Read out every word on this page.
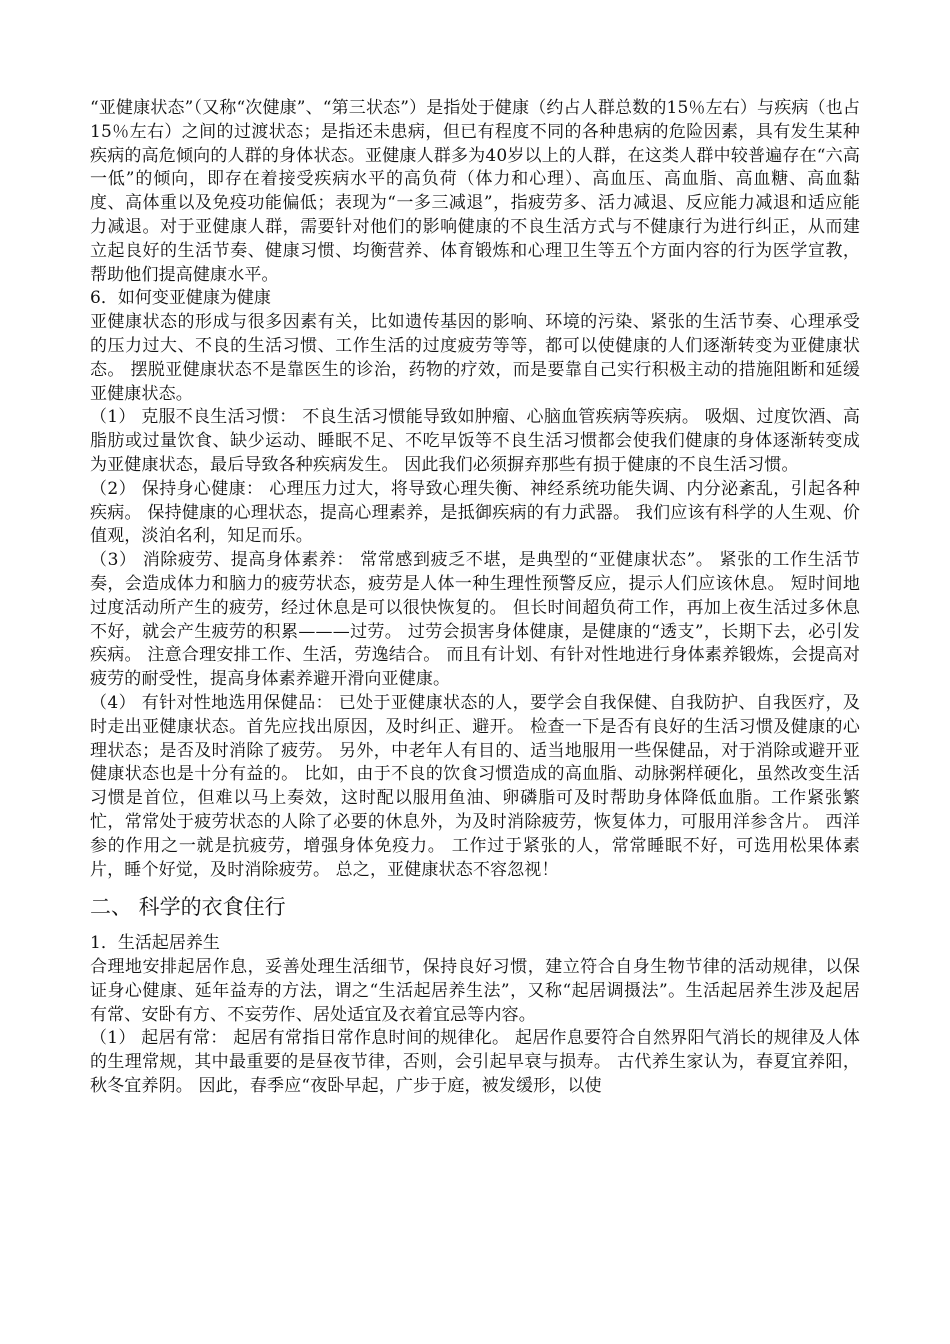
“亚健康状态”（又称“次健康”、“第三状态”）是指处于健康（约占人群总数的15％左右）与疾病（也占15％左右）之间的过渡状态；是指还未患病，但已有程度不同的各种患病的危险因素，具有发生某种疾病的高危倾向的人群的身体状态。亚健康人群多为40岁以上的人群，在这类人群中较普遍存在“六高一低”的倾向，即存在着接受疾病水平的高负荷（体力和心理）、高血压、高血脂、高血糖、高血黏度、高体重以及免疫功能偏低；表现为“一多三减退”，指疲劳多、活力减退、反应能力减退和适应能力减退。对于亚健康人群，需要针对他们的影响健康的不良生活方式与不健康行为进行纠正，从而建立起良好的生活节奏、健康习惯、均衡营养、体育锻炼和心理卫生等五个方面内容的行为医学宣教，帮助他们提高健康水平。

6．如何变亚健康为健康

亚健康状态的形成与很多因素有关，比如遗传基因的影响、环境的污染、紧张的生活节奏、心理承受的压力过大、不良的生活习惯、工作生活的过度疲劳等等，都可以使健康的人们逐渐转变为亚健康状态。 摆脱亚健康状态不是靠医生的诊治，药物的疗效，而是要靠自己实行积极主动的措施阻断和延缓亚健康状态。

（1） 克服不良生活习惯： 不良生活习惯能导致如肿瘤、心脑血管疾病等疾病。 吸烟、过度饮酒、高脂肪或过量饮食、缺少运动、睡眠不足、不吃早饭等不良生活习惯都会使我们健康的身体逐渐转变成为亚健康状态，最后导致各种疾病发生。 因此我们必须摒弃那些有损于健康的不良生活习惯。

（2） 保持身心健康： 心理压力过大，将导致心理失衡、神经系统功能失调、内分泌紊乱，引起各种疾病。 保持健康的心理状态，提高心理素养，是抵御疾病的有力武器。 我们应该有科学的人生观、价值观，淡泊名利，知足而乐。

（3） 消除疲劳、提高身体素养： 常常感到疲乏不堪，是典型的“亚健康状态”。 紧张的工作生活节奏，会造成体力和脑力的疲劳状态，疲劳是人体一种生理性预警反应，提示人们应该休息。 短时间地过度活动所产生的疲劳，经过休息是可以很快恢复的。 但长时间超负荷工作，再加上夜生活过多休息不好，就会产生疲劳的积累———过劳。 过劳会损害身体健康，是健康的“透支”，长期下去，必引发疾病。 注意合理安排工作、生活，劳逸结合。 而且有计划、有针对性地进行身体素养锻炼，会提高对疲劳的耐受性，提高身体素养避开滑向亚健康。

（4） 有针对性地选用保健品： 已处于亚健康状态的人，要学会自我保健、自我防护、自我医疗，及时走出亚健康状态。首先应找出原因，及时纠正、避开。 检查一下是否有良好的生活习惯及健康的心理状态；是否及时消除了疲劳。 另外，中老年人有目的、适当地服用一些保健品，对于消除或避开亚健康状态也是十分有益的。 比如，由于不良的饮食习惯造成的高血脂、动脉粥样硬化，虽然改变生活习惯是首位，但难以马上奏效，这时配以服用鱼油、卵磷脂可及时帮助身体降低血脂。工作紧张繁忙，常常处于疲劳状态的人除了必要的休息外，为及时消除疲劳，恢复体力，可服用洋参含片。 西洋参的作用之一就是抗疲劳，增强身体免疫力。 工作过于紧张的人，常常睡眠不好，可选用松果体素片，睡个好觉，及时消除疲劳。 总之，亚健康状态不容忽视！

二、 科学的衣食住行

1．生活起居养生

合理地安排起居作息，妥善处理生活细节，保持良好习惯，建立符合自身生物节律的活动规律，以保证身心健康、延年益寿的方法，谓之“生活起居养生法”，又称“起居调摄法”。生活起居养生涉及起居有常、安卧有方、不妄劳作、居处适宜及衣着宜忌等内容。

（1） 起居有常： 起居有常指日常作息时间的规律化。 起居作息要符合自然界阳气消长的规律及人体的生理常规，其中最重要的是昼夜节律，否则，会引起早衰与损寿。 古代养生家认为，春夏宜养阳，秋冬宜养阴。 因此，春季应“夜卧早起，广步于庭，被发缓形，以使
